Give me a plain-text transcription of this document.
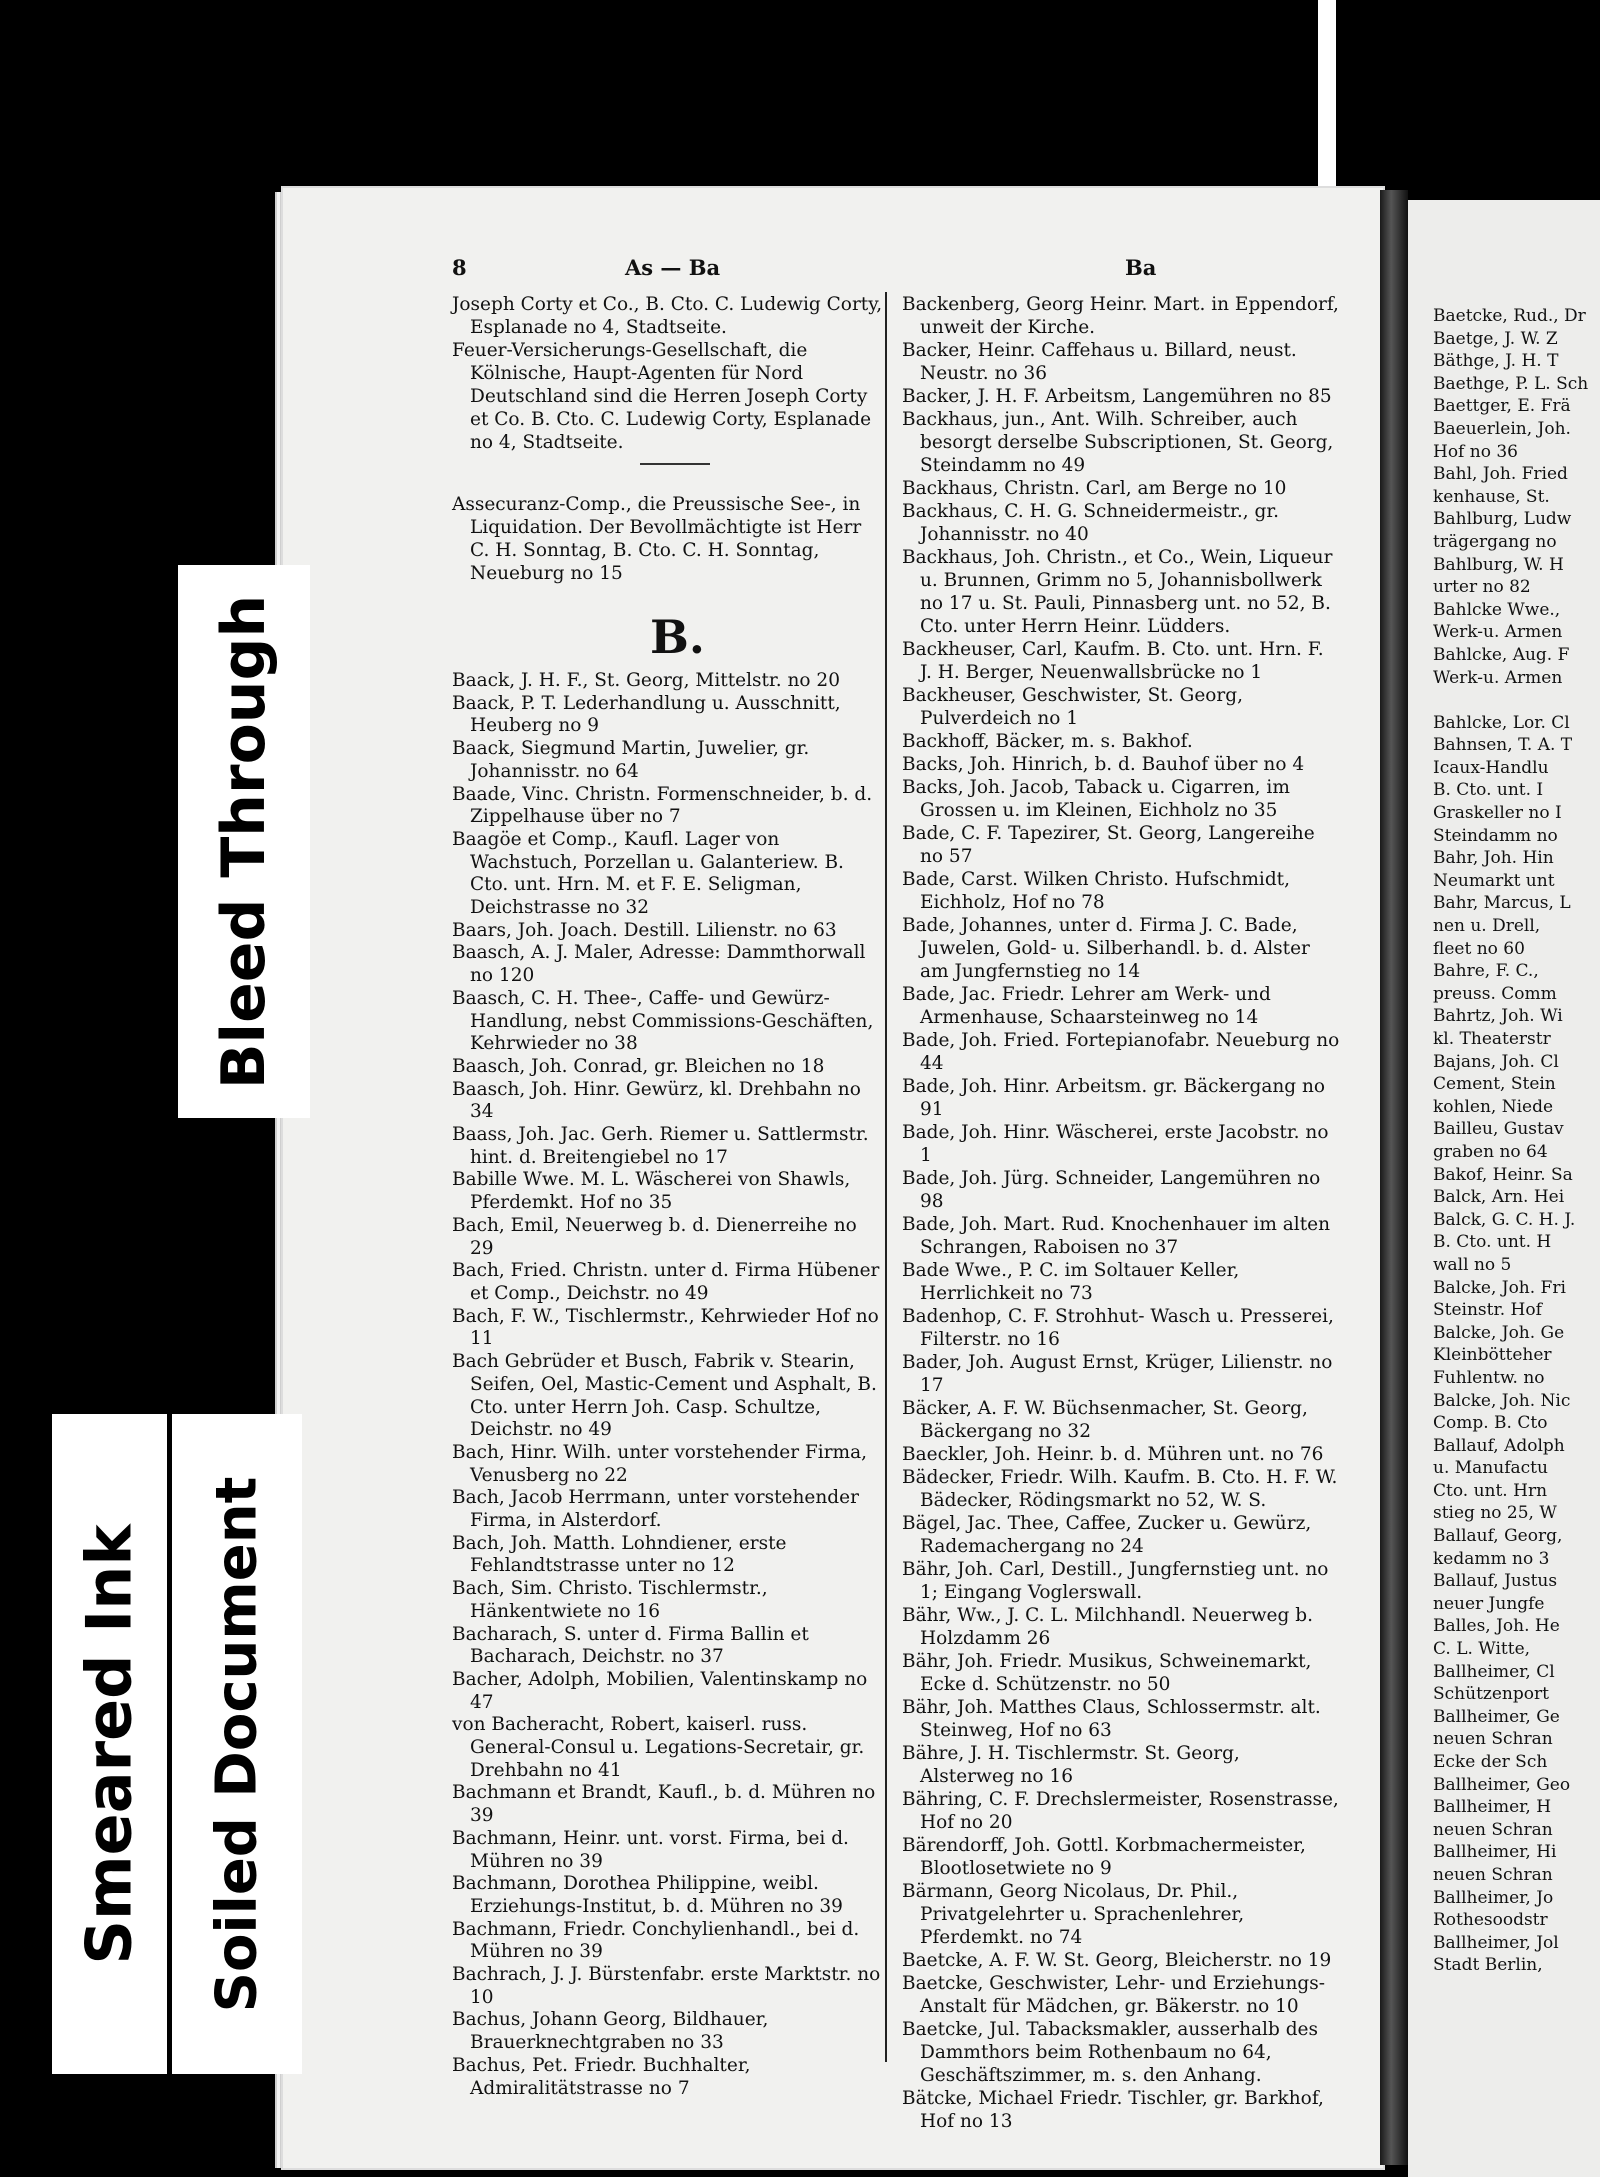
8	As — Ba	Ba

Joseph Corty et Co., B. Cto. C. Ludewig Corty, Esplanade no 4, Stadtseite.

Feuer-Versicherungs-Gesellschaft, die Kölnische, Haupt-Agenten für Nord Deutschland sind die Herren Joseph Corty et Co. B. Cto. C. Ludewig Corty, Esplanade no 4, Stadtseite.

Assecuranz-Comp., die Preussische See-, in Liquidation. Der Bevollmächtigte ist Herr C. H. Sonntag, B. Cto. C. H. Sonntag, Neueburg no 15

B.

Baack, J. H. F., St. Georg, Mittelstr. no 20

Baack, P. T. Lederhandlung u. Ausschnitt, Heuberg no 9

Baack, Siegmund Martin, Juwelier, gr. Johannisstr. no 64

Baade, Vinc. Christn. Formenschneider, b. d. Zippelhause über no 7

Baagöe et Comp., Kaufl. Lager von Wachstuch, Porzellan u. Galanteriew. B. Cto. unt. Hrn. M. et F. E. Seligman, Deichstrasse no 32

Baars, Joh. Joach. Destill. Lilienstr. no 63

Baasch, A. J. Maler, Adresse: Dammthorwall no 120

Baasch, C. H. Thee-, Caffe- und Gewürz-Handlung, nebst Commissions-Geschäften, Kehrwieder no 38

Baasch, Joh. Conrad, gr. Bleichen no 18

Baasch, Joh. Hinr. Gewürz, kl. Drehbahn no 34

Baass, Joh. Jac. Gerh. Riemer u. Sattlermstr. hint. d. Breitengiebel no 17

Babille Wwe. M. L. Wäscherei von Shawls, Pferdemkt. Hof no 35

Bach, Emil, Neuerweg b. d. Dienerreihe no 29

Bach, Fried. Christn. unter d. Firma Hübener et Comp., Deichstr. no 49

Bach, F. W., Tischlermstr., Kehrwieder Hof no 11

Bach Gebrüder et Busch, Fabrik v. Stearin, Seifen, Oel, Mastic-Cement und Asphalt, B. Cto. unter Herrn Joh. Casp. Schultze, Deichstr. no 49

Bach, Hinr. Wilh. unter vorstehender Firma, Venusberg no 22

Bach, Jacob Herrmann, unter vorstehender Firma, in Alsterdorf.

Bach, Joh. Matth. Lohndiener, erste Fehlandtstrasse unter no 12

Bach, Sim. Christo. Tischlermstr., Hänkentwiete no 16

Bacharach, S. unter d. Firma Ballin et Bacharach, Deichstr. no 37

Bacher, Adolph, Mobilien, Valentinskamp no 47

von Bacheracht, Robert, kaiserl. russ. General-Consul u. Legations-Secretair, gr. Drehbahn no 41

Bachmann et Brandt, Kaufl., b. d. Mühren no 39

Bachmann, Heinr. unt. vorst. Firma, bei d. Mühren no 39

Bachmann, Dorothea Philippine, weibl. Erziehungs-Institut, b. d. Mühren no 39

Bachmann, Friedr. Conchylienhandl., bei d. Mühren no 39

Bachrach, J. J. Bürstenfabr. erste Marktstr. no 10

Bachus, Johann Georg, Bildhauer, Brauerknechtgraben no 33

Bachus, Pet. Friedr. Buchhalter, Admiralitätstrasse no 7

Backenberg, Georg Heinr. Mart. in Eppendorf, unweit der Kirche.

Backer, Heinr. Caffehaus u. Billard, neust. Neustr. no 36

Backer, J. H. F. Arbeitsm, Langemühren no 85

Backhaus, jun., Ant. Wilh. Schreiber, auch besorgt derselbe Subscriptionen, St. Georg, Steindamm no 49

Backhaus, Christn. Carl, am Berge no 10

Backhaus, C. H. G. Schneidermeistr., gr. Johannisstr. no 40

Backhaus, Joh. Christn., et Co., Wein, Liqueur u. Brunnen, Grimm no 5, Johannisbollwerk no 17 u. St. Pauli, Pinnasberg unt. no 52, B. Cto. unter Herrn Heinr. Lüdders.

Backheuser, Carl, Kaufm. B. Cto. unt. Hrn. F. J. H. Berger, Neuenwallsbrücke no 1

Backheuser, Geschwister, St. Georg, Pulverdeich no 1

Backhoff, Bäcker, m. s. Bakhof.

Backs, Joh. Hinrich, b. d. Bauhof über no 4

Backs, Joh. Jacob, Taback u. Cigarren, im Grossen u. im Kleinen, Eichholz no 35

Bade, C. F. Tapezirer, St. Georg, Langereihe no 57

Bade, Carst. Wilken Christo. Hufschmidt, Eichholz, Hof no 78

Bade, Johannes, unter d. Firma J. C. Bade, Juwelen, Gold- u. Silberhandl. b. d. Alster am Jungfernstieg no 14

Bade, Jac. Friedr. Lehrer am Werk- und Armenhause, Schaarsteinweg no 14

Bade, Joh. Fried. Fortepianofabr. Neueburg no 44

Bade, Joh. Hinr. Arbeitsm. gr. Bäckergang no 91

Bade, Joh. Hinr. Wäscherei, erste Jacobstr. no 1

Bade, Joh. Jürg. Schneider, Langemühren no 98

Bade, Joh. Mart. Rud. Knochenhauer im alten Schrangen, Raboisen no 37

Bade Wwe., P. C. im Soltauer Keller, Herrlichkeit no 73

Badenhop, C. F. Strohhut- Wasch u. Presserei, Filterstr. no 16

Bader, Joh. August Ernst, Krüger, Lilienstr. no 17

Bäcker, A. F. W. Büchsenmacher, St. Georg, Bäckergang no 32

Baeckler, Joh. Heinr. b. d. Mühren unt. no 76

Bädecker, Friedr. Wilh. Kaufm. B. Cto. H. F. W. Bädecker, Rödingsmarkt no 52, W. S.

Bägel, Jac. Thee, Caffee, Zucker u. Gewürz, Rademachergang no 24

Bähr, Joh. Carl, Destill., Jungfernstieg unt. no 1; Eingang Voglerswall.

Bähr, Ww., J. C. L. Milchhandl. Neuerweg b. Holzdamm 26

Bähr, Joh. Friedr. Musikus, Schweinemarkt, Ecke d. Schützenstr. no 50

Bähr, Joh. Matthes Claus, Schlossermstr. alt. Steinweg, Hof no 63

Bähre, J. H. Tischlermstr. St. Georg, Alsterweg no 16

Bähring, C. F. Drechslermeister, Rosenstrasse, Hof no 20

Bärendorff, Joh. Gottl. Korbmachermeister, Blootlosetwiete no 9

Bärmann, Georg Nicolaus, Dr. Phil., Privatgelehrter u. Sprachenlehrer, Pferdemkt. no 74

Baetcke, A. F. W. St. Georg, Bleicherstr. no 19

Baetcke, Geschwister, Lehr- und Erziehungs-Anstalt für Mädchen, gr. Bäkerstr. no 10

Baetcke, Jul. Tabacksmakler, ausserhalb des Dammthors beim Rothenbaum no 64, Geschäftszimmer, m. s. den Anhang.

Bätcke, Michael Friedr. Tischler, gr. Barkhof, Hof no 13

Baetcke, Rud., Dr

Baetge, J. W. Z

Bäthge, J. H. T

Baethge, P. L. Sch

Baettger, E. Frä

Baeuerlein, Joh.

Hof no 36

Bahl, Joh. Fried

kenhause, St.

Bahlburg, Ludw

trägergang no

Bahlburg, W. H

urter no 82

Bahlcke Wwe.,

Werk-u. Armen

Bahlcke, Aug. F

Werk-u. Armen

Bahlcke, Lor. Cl

Bahnsen, T. A. T

Icaux-Handlu

B. Cto. unt. I

Graskeller no I

Steindamm no

Bahr, Joh. Hin

Neumarkt unt

Bahr, Marcus, L

nen u. Drell,

fleet no 60

Bahre, F. C.,

preuss. Comm

Bahrtz, Joh. Wi

kl. Theaterstr

Bajans, Joh. Cl

Cement, Stein

kohlen, Niede

Bailleu, Gustav

graben no 64

Bakof, Heinr. Sa

Balck, Arn. Hei

Balck, G. C. H. J.

B. Cto. unt. H

wall no 5

Balcke, Joh. Fri

Steinstr. Hof

Balcke, Joh. Ge

Kleinbötteher

Fuhlentw. no

Balcke, Joh. Nic

Comp. B. Cto

Ballauf, Adolph

u. Manufactu

Cto. unt. Hrn

stieg no 25, W

Ballauf, Georg,

kedamm no 3

Ballauf, Justus

neuer Jungfe

Balles, Joh. He

C. L. Witte,

Ballheimer, Cl

Schützenport

Ballheimer, Ge

neuen Schran

Ecke der Sch

Ballheimer, Geo

Ballheimer, H

neuen Schran

Ballheimer, Hi

neuen Schran

Ballheimer, Jo

Rothesoodstr

Ballheimer, Jol

Stadt Berlin,

Bleed Through
Smeared Ink Soiled Document
